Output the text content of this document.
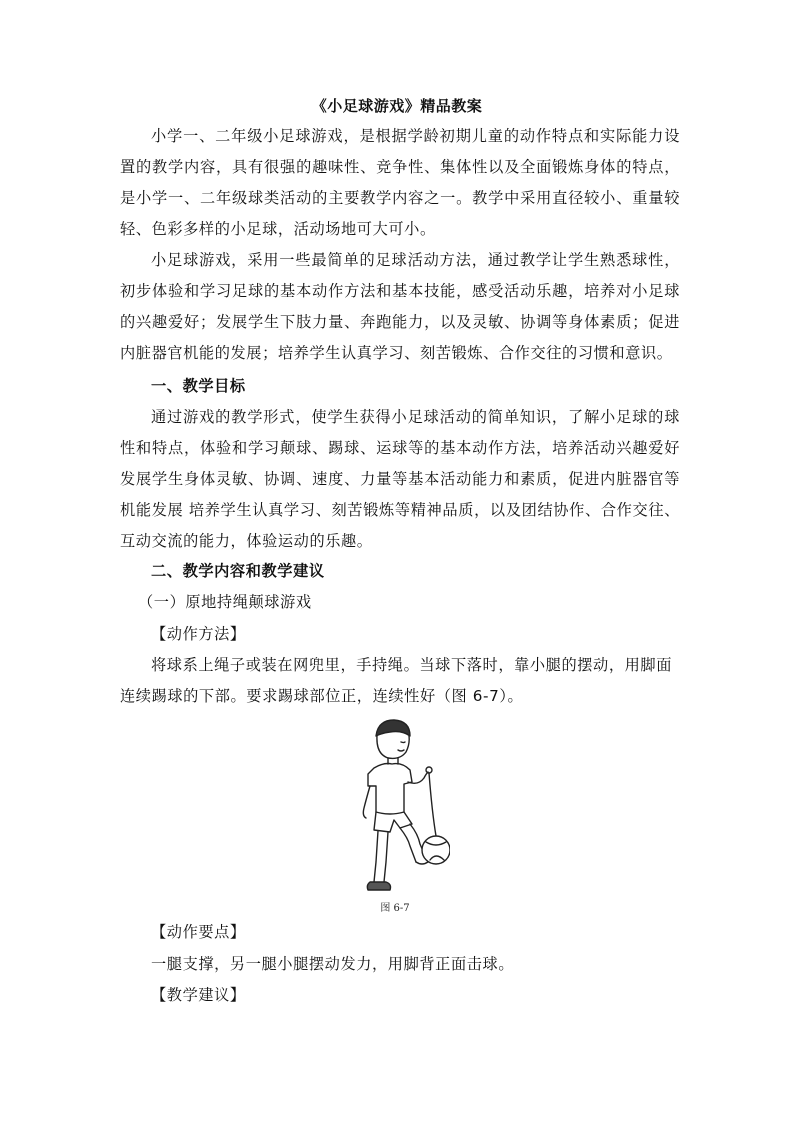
《小足球游戏》精品教案

小学一、二年级小足球游戏，是根据学龄初期儿童的动作特点和实际能力设置的教学内容，具有很强的趣味性、竞争性、集体性以及全面锻炼身体的特点，是小学一、二年级球类活动的主要教学内容之一。教学中采用直径较小、重量较轻、色彩多样的小足球，活动场地可大可小。

小足球游戏，采用一些最简单的足球活动方法，通过教学让学生熟悉球性，初步体验和学习足球的基本动作方法和基本技能，感受活动乐趣，培养对小足球的兴趣爱好；发展学生下肢力量、奔跑能力，以及灵敏、协调等身体素质；促进内脏器官机能的发展；培养学生认真学习、刻苦锻炼、合作交往的习惯和意识。

一、教学目标

通过游戏的教学形式，使学生获得小足球活动的简单知识，了解小足球的球性和特点，体验和学习颠球、踢球、运球等的基本动作方法，培养活动兴趣爱好发展学生身体灵敏、协调、速度、力量等基本活动能力和素质，促进内脏器官等机能发展 培养学生认真学习、刻苦锻炼等精神品质，以及团结协作、合作交往、互动交流的能力，体验运动的乐趣。

二、教学内容和教学建议
（一）原地持绳颠球游戏
【动作方法】
将球系上绳子或装在网兜里，手持绳。当球下落时，靠小腿的摆动，用脚面
连续踢球的下部。要求踢球部位正，连续性好（图 6-7）。
图 6-7
【动作要点】
一腿支撑，另一腿小腿摆动发力，用脚背正面击球。
【教学建议】
